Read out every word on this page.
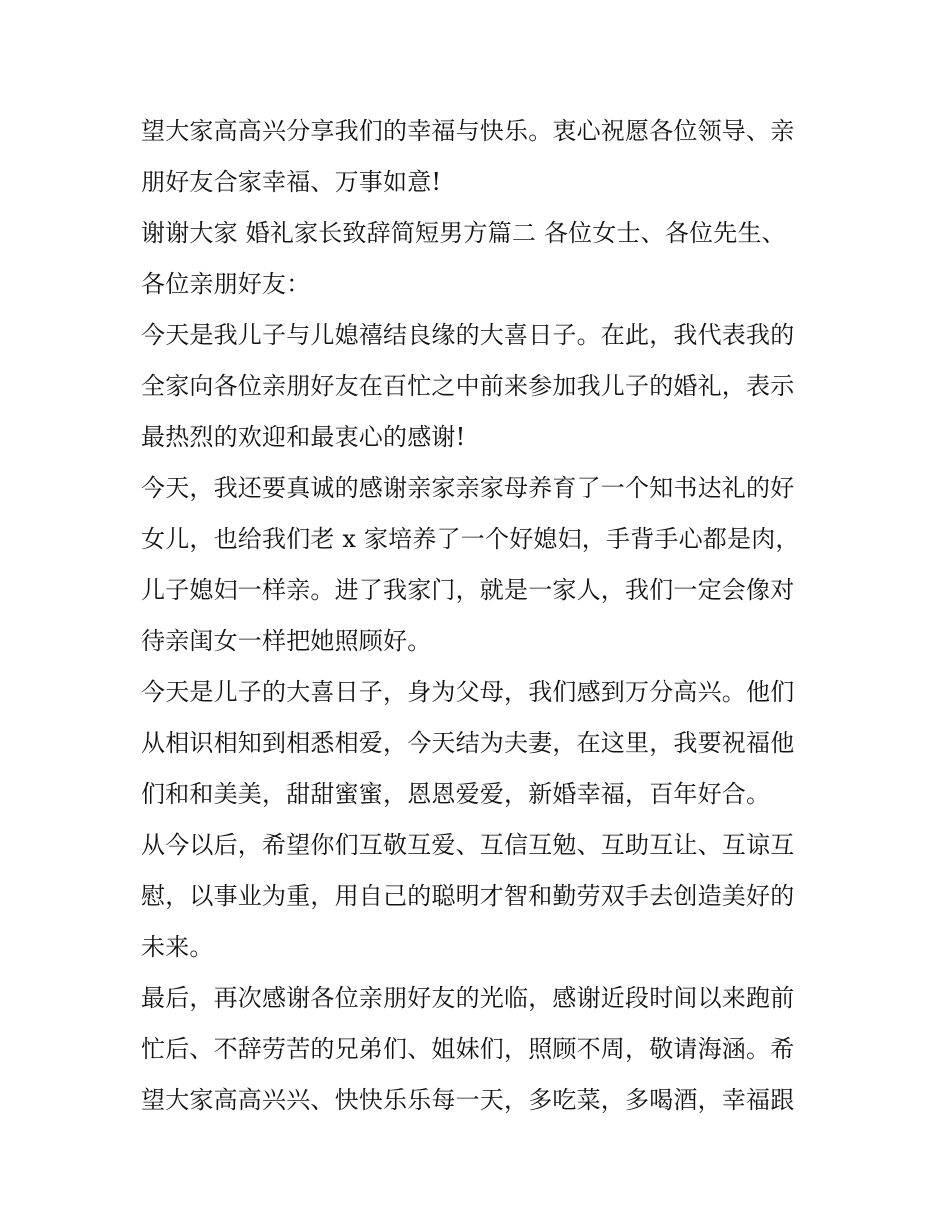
望大家高高兴分享我们的幸福与快乐。衷心祝愿各位领导、亲
朋好友合家幸福、万事如意!
谢谢大家 婚礼家长致辞简短男方篇二 各位女士、各位先生、
各位亲朋好友：
今天是我儿子与儿媳禧结良缘的大喜日子。在此，我代表我的
全家向各位亲朋好友在百忙之中前来参加我儿子的婚礼，表示
最热烈的欢迎和最衷心的感谢!
今天，我还要真诚的感谢亲家亲家母养育了一个知书达礼的好
女儿，也给我们老 x 家培养了一个好媳妇，手背手心都是肉，
儿子媳妇一样亲。进了我家门，就是一家人，我们一定会像对
待亲闺女一样把她照顾好。
今天是儿子的大喜日子，身为父母，我们感到万分高兴。他们
从相识相知到相悉相爱，今天结为夫妻，在这里，我要祝福他
们和和美美，甜甜蜜蜜，恩恩爱爱，新婚幸福，百年好合。
从今以后，希望你们互敬互爱、互信互勉、互助互让、互谅互
慰，以事业为重，用自己的聪明才智和勤劳双手去创造美好的
未来。
最后，再次感谢各位亲朋好友的光临，感谢近段时间以来跑前
忙后、不辞劳苦的兄弟们、姐妹们，照顾不周，敬请海涵。希
望大家高高兴兴、快快乐乐每一天，多吃菜，多喝酒，幸福跟
